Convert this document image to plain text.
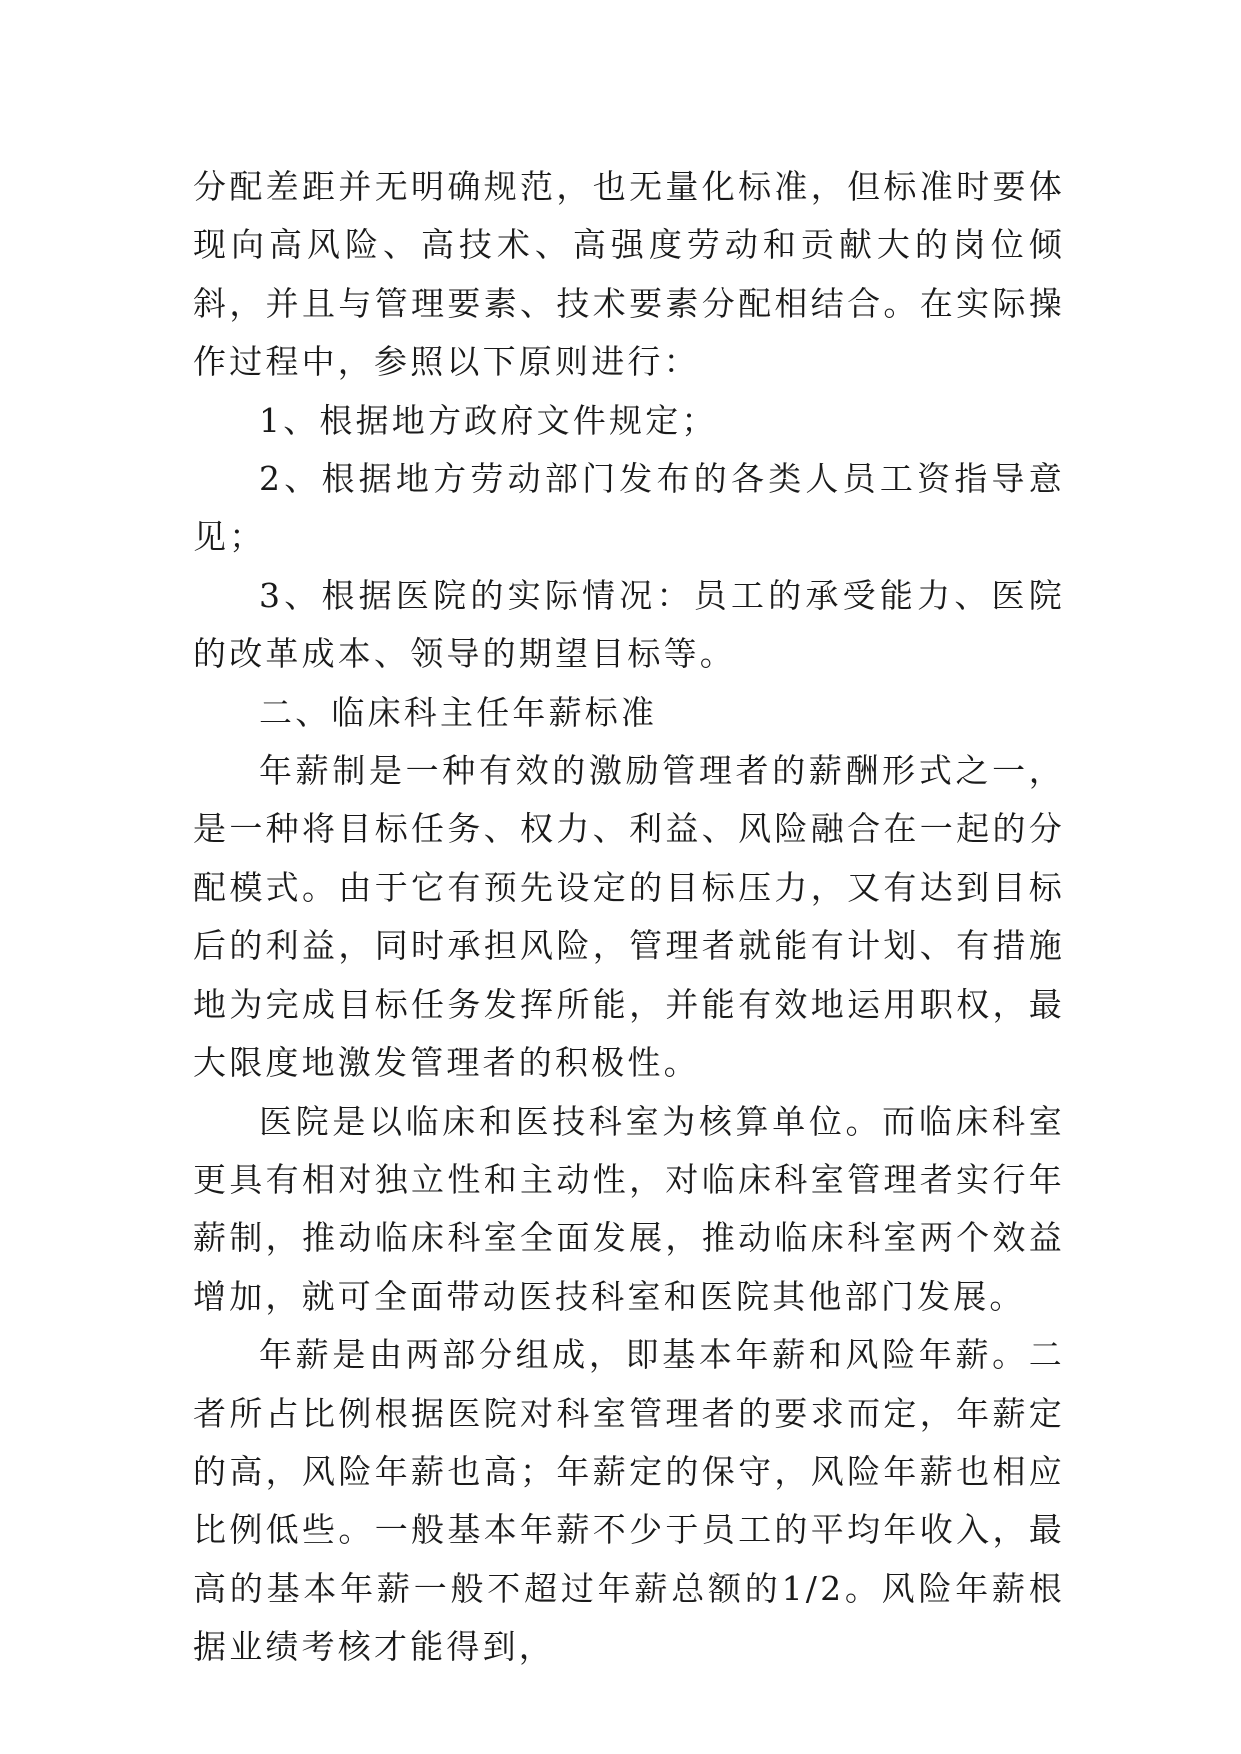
分配差距并无明确规范，也无量化标准，但标准时要体现向高风险、高技术、高强度劳动和贡献大的岗位倾斜，并且与管理要素、技术要素分配相结合。在实际操作过程中，参照以下原则进行：

1、根据地方政府文件规定；

2、根据地方劳动部门发布的各类人员工资指导意见；

3、根据医院的实际情况：员工的承受能力、医院的改革成本、领导的期望目标等。

二、临床科主任年薪标准

年薪制是一种有效的激励管理者的薪酬形式之一，是一种将目标任务、权力、利益、风险融合在一起的分配模式。由于它有预先设定的目标压力，又有达到目标后的利益，同时承担风险，管理者就能有计划、有措施地为完成目标任务发挥所能，并能有效地运用职权，最大限度地激发管理者的积极性。

医院是以临床和医技科室为核算单位。而临床科室更具有相对独立性和主动性，对临床科室管理者实行年薪制，推动临床科室全面发展，推动临床科室两个效益增加，就可全面带动医技科室和医院其他部门发展。

年薪是由两部分组成，即基本年薪和风险年薪。二者所占比例根据医院对科室管理者的要求而定，年薪定的高，风险年薪也高；年薪定的保守，风险年薪也相应比例低些。一般基本年薪不少于员工的平均年收入，最高的基本年薪一般不超过年薪总额的1/2。风险年薪根据业绩考核才能得到，
